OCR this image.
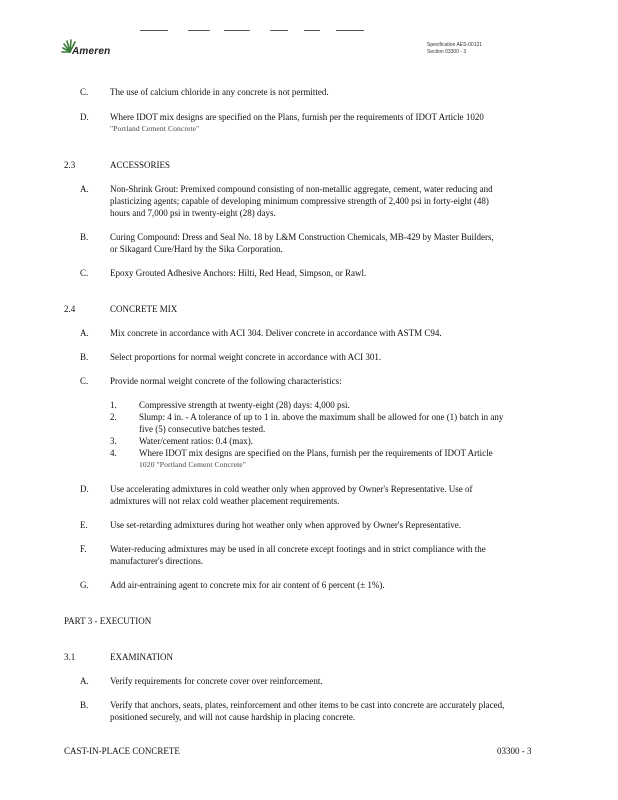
Ameren
Specification AES-00121
Section 03300 - 3
C. The use of calcium chloride in any concrete is not permitted.
D. Where IDOT mix designs are specified on the Plans, furnish per the requirements of IDOT Article 1020
"Portland Cement Concrete"
2.3	ACCESSORIES
A. Non-Shrink Grout: Premixed compound consisting of non-metallic aggregate, cement, water reducing and
plasticizing agents; capable of developing minimum compressive strength of 2,400 psi in forty-eight (48)
hours and 7,000 psi in twenty-eight (28) days.
B. Curing Compound: Dress and Seal No. 18 by L&M Construction Chemicals, MB-429 by Master Builders,
or Sikagard Cure/Hard by the Sika Corporation.
C. Epoxy Grouted Adhesive Anchors: Hilti, Red Head, Simpson, or Rawl.
2.4	CONCRETE MIX
A. Mix concrete in accordance with ACI 304. Deliver concrete in accordance with ASTM C94.
B. Select proportions for normal weight concrete in accordance with ACI 301.
C. Provide normal weight concrete of the following characteristics:
1. Compressive strength at twenty-eight (28) days: 4,000 psi.
2. Slump: 4 in. - A tolerance of up to 1 in. above the maximum shall be allowed for one (1) batch in any
five (5) consecutive batches tested.
3. Water/cement ratios: 0.4 (max).
4. Where IDOT mix designs are specified on the Plans, furnish per the requirements of IDOT Article
1020 "Portland Cement Concrete"
D. Use accelerating admixtures in cold weather only when approved by Owner's Representative. Use of
admixtures will not relax cold weather placement requirements.
E. Use set-retarding admixtures during hot weather only when approved by Owner's Representative.
F.	Water-reducing admixtures may be used in all concrete except footings and in strict compliance with the
manufacturer's directions.
G. Add air-entraining agent to concrete mix for air content of 6 percent (± 1%).
PART 3 - EXECUTION
3.1	EXAMINATION
A. Verify requirements for concrete cover over reinforcement.
B. Verify that anchors, seats, plates, reinforcement and other items to be cast into concrete are accurately placed,
positioned securely, and will not cause hardship in placing concrete.
CAST-IN-PLACE CONCRETE	03300 - 3
